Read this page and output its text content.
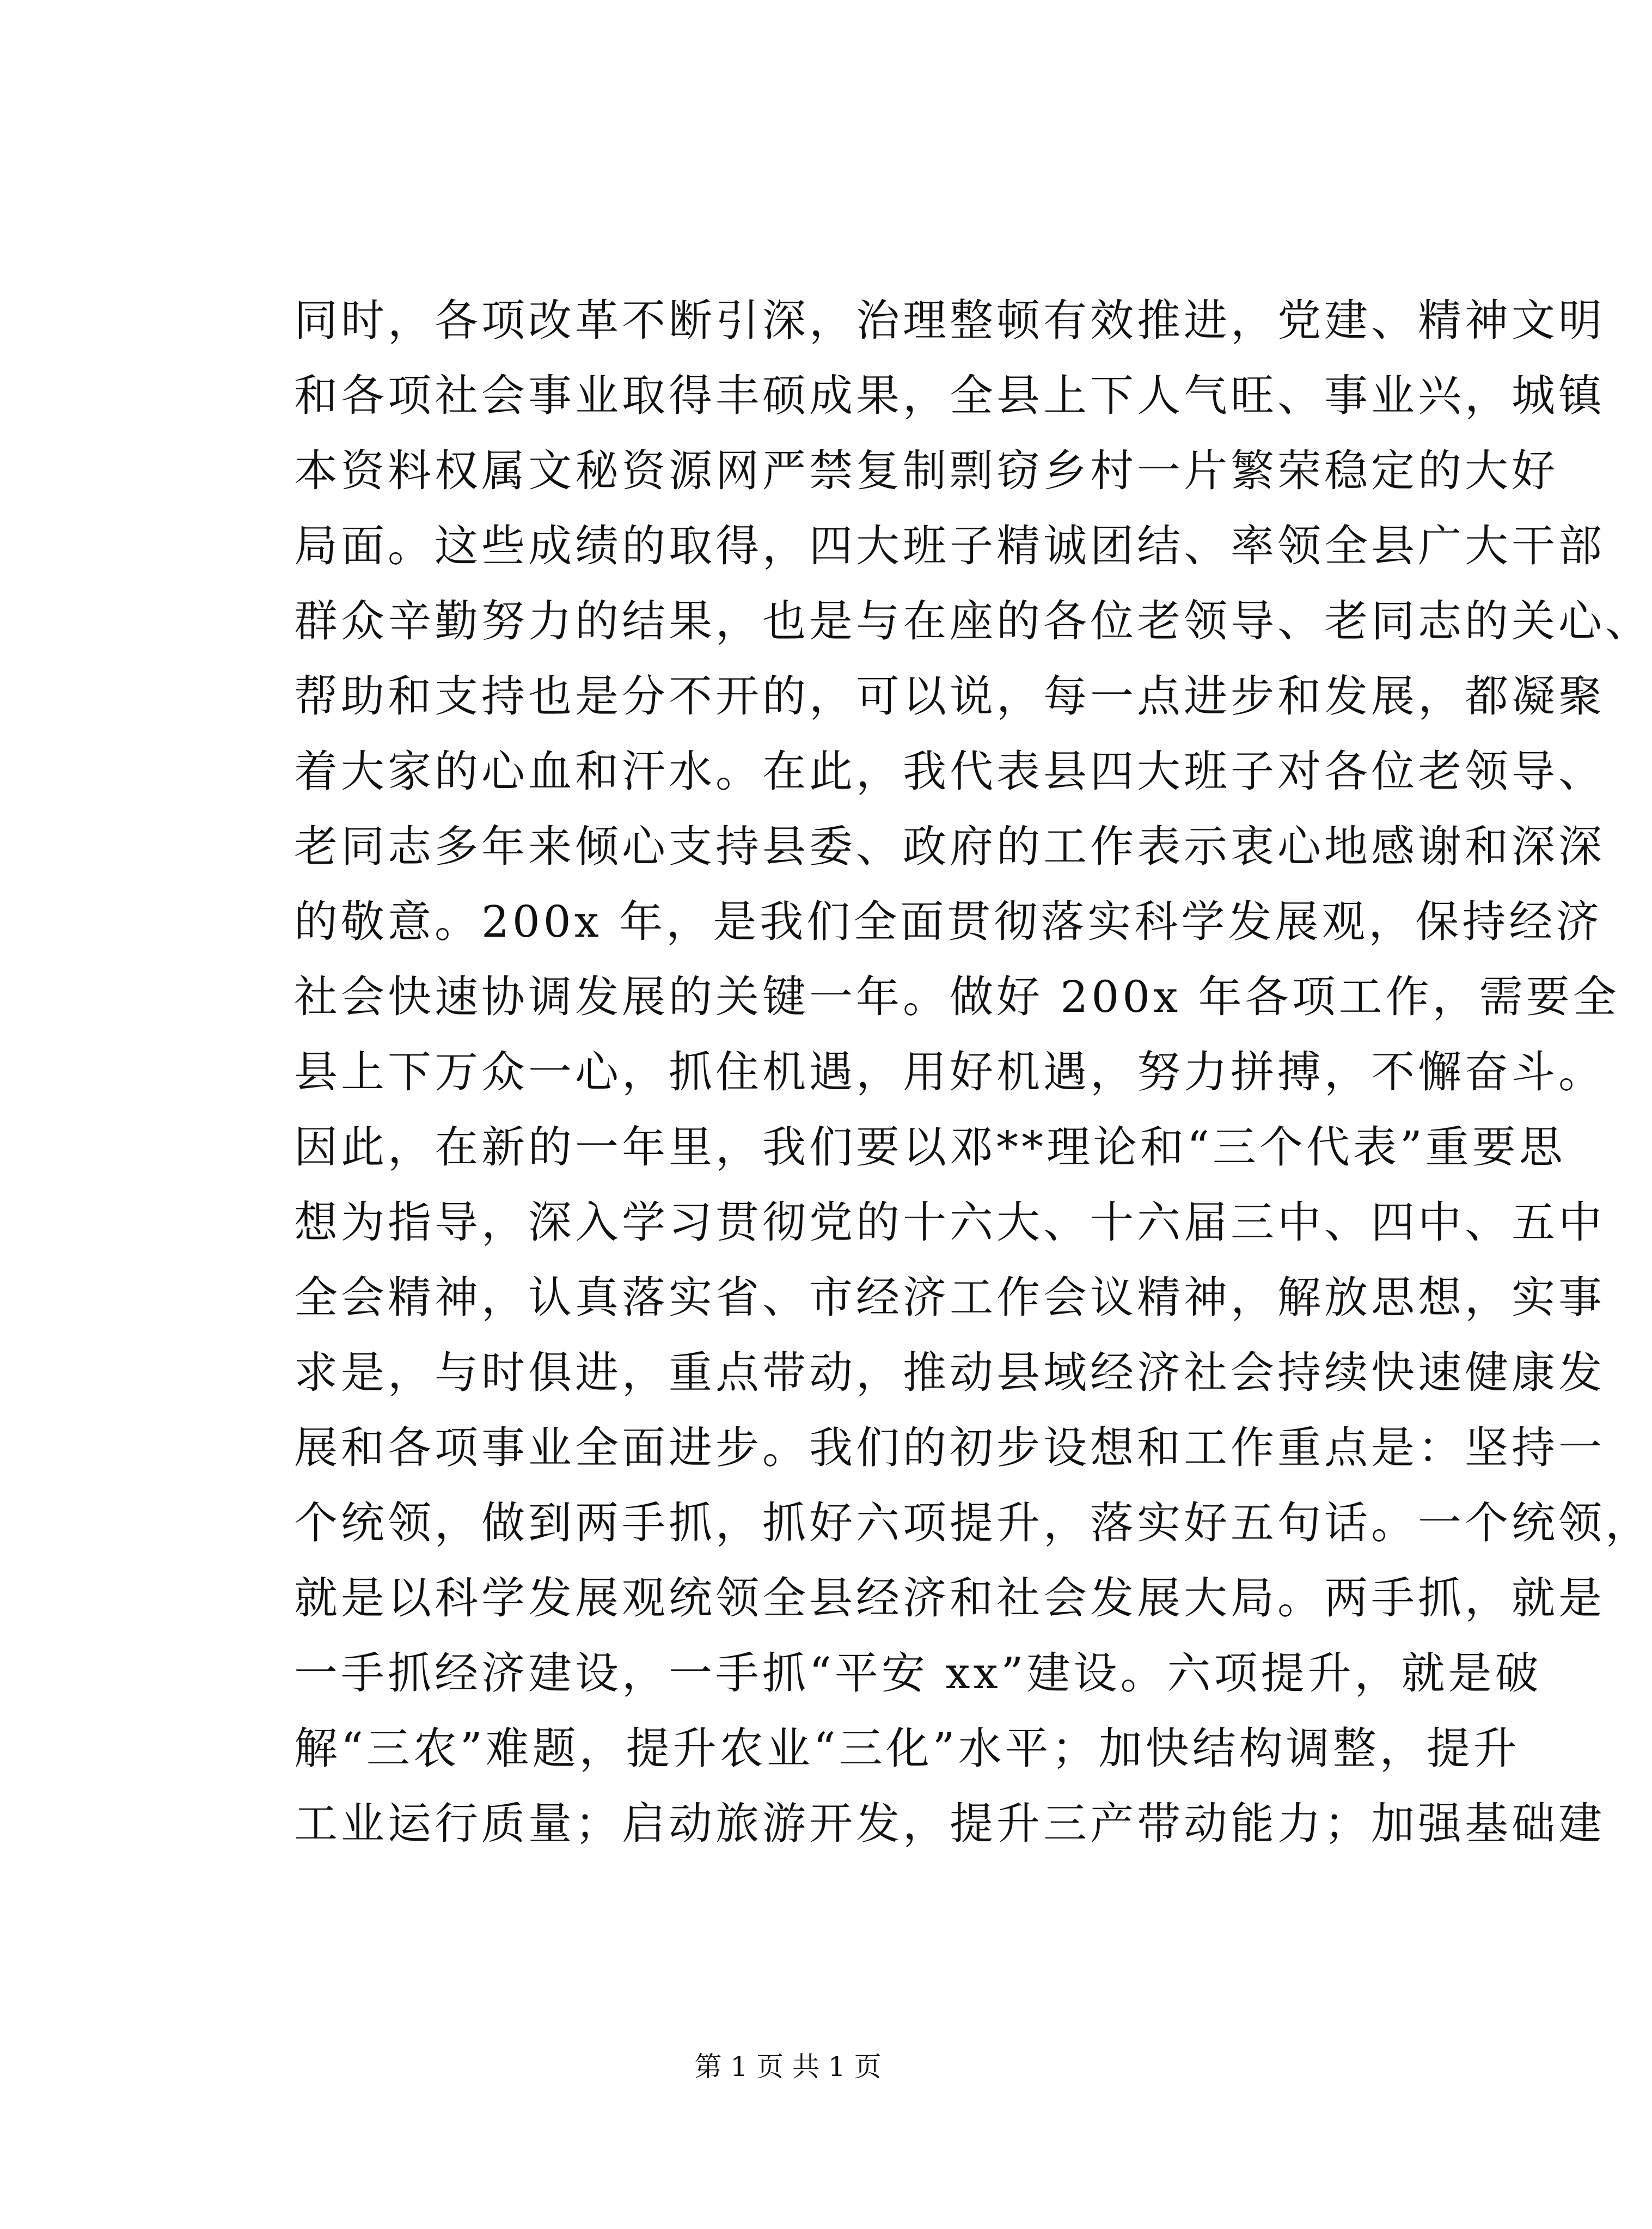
同时，各项改革不断引深，治理整顿有效推进，党建、精神文明
和各项社会事业取得丰硕成果，全县上下人气旺、事业兴，城镇
本资料权属文秘资源网严禁复制剽窃乡村一片繁荣稳定的大好
局面。这些成绩的取得，四大班子精诚团结、率领全县广大干部
群众辛勤努力的结果，也是与在座的各位老领导、老同志的关心、
帮助和支持也是分不开的，可以说，每一点进步和发展，都凝聚
着大家的心血和汗水。在此，我代表县四大班子对各位老领导、
老同志多年来倾心支持县委、政府的工作表示衷心地感谢和深深
的敬意。200x 年，是我们全面贯彻落实科学发展观，保持经济
社会快速协调发展的关键一年。做好 200x 年各项工作，需要全
县上下万众一心，抓住机遇，用好机遇，努力拼搏，不懈奋斗。
因此，在新的一年里，我们要以邓**理论和“三个代表”重要思
想为指导，深入学习贯彻党的十六大、十六届三中、四中、五中
全会精神，认真落实省、市经济工作会议精神，解放思想，实事
求是，与时俱进，重点带动，推动县域经济社会持续快速健康发
展和各项事业全面进步。我们的初步设想和工作重点是：坚持一
个统领，做到两手抓，抓好六项提升，落实好五句话。一个统领，
就是以科学发展观统领全县经济和社会发展大局。两手抓，就是
一手抓经济建设，一手抓“平安 xx”建设。六项提升，就是破
解“三农”难题，提升农业“三化”水平；加快结构调整，提升
工业运行质量；启动旅游开发，提升三产带动能力；加强基础建
第 1 页 共 1 页
